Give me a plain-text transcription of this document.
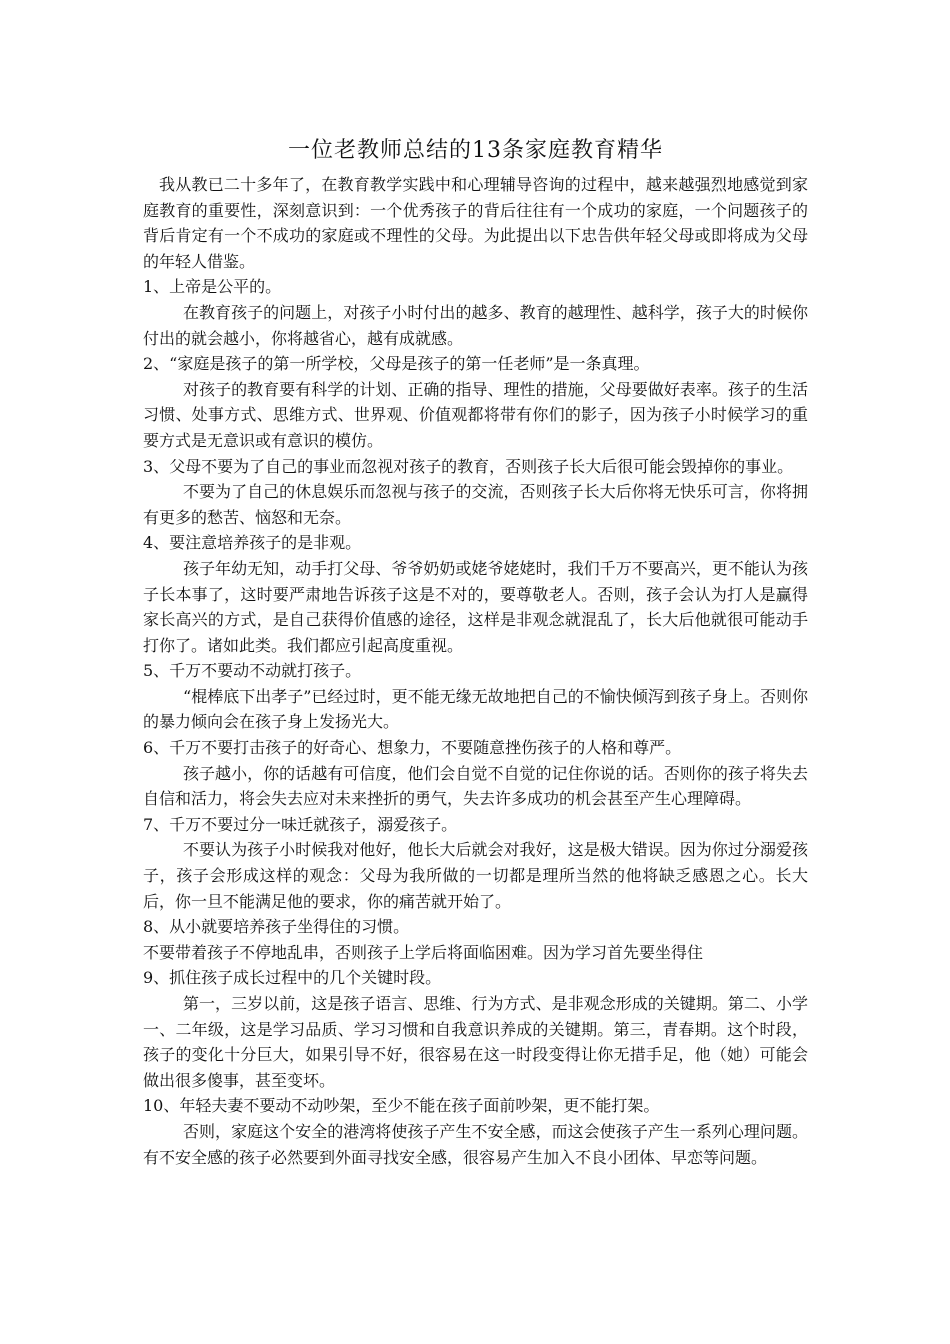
一位老教师总结的13条家庭教育精华

我从教已二十多年了，在教育教学实践中和心理辅导咨询的过程中，越来越强烈地感觉到家庭教育的重要性，深刻意识到：一个优秀孩子的背后往往有一个成功的家庭，一个问题孩子的背后肯定有一个不成功的家庭或不理性的父母。为此提出以下忠告供年轻父母或即将成为父母的年轻人借鉴。

1、上帝是公平的。

在教育孩子的问题上，对孩子小时付出的越多、教育的越理性、越科学，孩子大的时候你付出的就会越小，你将越省心，越有成就感。

2、“家庭是孩子的第一所学校，父母是孩子的第一任老师”是一条真理。

对孩子的教育要有科学的计划、正确的指导、理性的措施，父母要做好表率。孩子的生活习惯、处事方式、思维方式、世界观、价值观都将带有你们的影子，因为孩子小时候学习的重要方式是无意识或有意识的模仿。

3、父母不要为了自己的事业而忽视对孩子的教育，否则孩子长大后很可能会毁掉你的事业。

不要为了自己的休息娱乐而忽视与孩子的交流，否则孩子长大后你将无快乐可言，你将拥有更多的愁苦、恼怒和无奈。

4、要注意培养孩子的是非观。

孩子年幼无知，动手打父母、爷爷奶奶或姥爷姥姥时，我们千万不要高兴，更不能认为孩子长本事了，这时要严肃地告诉孩子这是不对的，要尊敬老人。否则，孩子会认为打人是赢得家长高兴的方式，是自己获得价值感的途径，这样是非观念就混乱了，长大后他就很可能动手打你了。诸如此类。我们都应引起高度重视。

5、千万不要动不动就打孩子。

“棍棒底下出孝子”已经过时，更不能无缘无故地把自己的不愉快倾泻到孩子身上。否则你的暴力倾向会在孩子身上发扬光大。

6、千万不要打击孩子的好奇心、想象力，不要随意挫伤孩子的人格和尊严。

孩子越小，你的话越有可信度，他们会自觉不自觉的记住你说的话。否则你的孩子将失去自信和活力，将会失去应对未来挫折的勇气，失去许多成功的机会甚至产生心理障碍。

7、千万不要过分一味迁就孩子，溺爱孩子。

不要认为孩子小时候我对他好，他长大后就会对我好，这是极大错误。因为你过分溺爱孩子，孩子会形成这样的观念：父母为我所做的一切都是理所当然的他将缺乏感恩之心。长大后，你一旦不能满足他的要求，你的痛苦就开始了。

8、从小就要培养孩子坐得住的习惯。

不要带着孩子不停地乱串，否则孩子上学后将面临困难。因为学习首先要坐得住

9、抓住孩子成长过程中的几个关键时段。

第一，三岁以前，这是孩子语言、思维、行为方式、是非观念形成的关键期。第二、小学一、二年级，这是学习品质、学习习惯和自我意识养成的关键期。第三，青春期。这个时段，孩子的变化十分巨大，如果引导不好，很容易在这一时段变得让你无措手足，他（她）可能会做出很多傻事，甚至变坏。

10、年轻夫妻不要动不动吵架，至少不能在孩子面前吵架，更不能打架。

否则，家庭这个安全的港湾将使孩子产生不安全感，而这会使孩子产生一系列心理问题。有不安全感的孩子必然要到外面寻找安全感，很容易产生加入不良小团体、早恋等问题。
